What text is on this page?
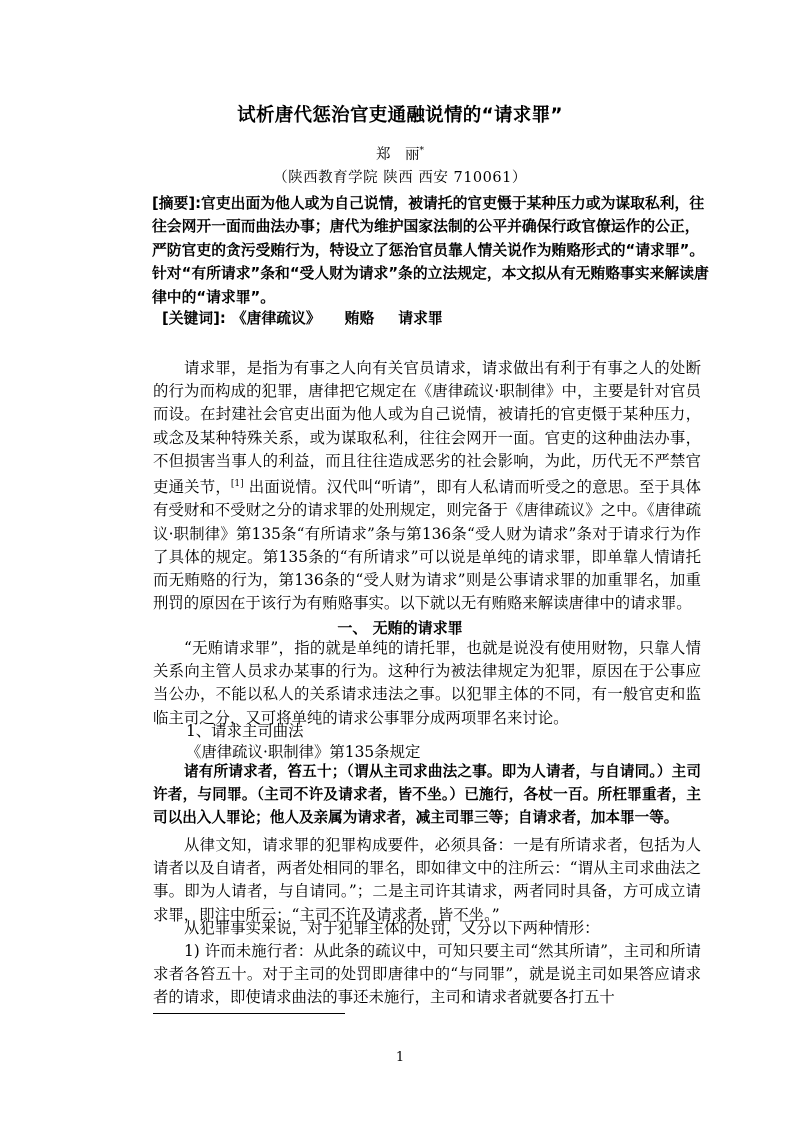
试析唐代惩治官吏通融说情的“请求罪”
郑　丽*
（陕西教育学院 陕西 西安 710061）
[摘要]:官吏出面为他人或为自己说情，被请托的官吏慑于某种压力或为谋取私利，往往会网开一面而曲法办事；唐代为维护国家法制的公平并确保行政官僚运作的公正，严防官吏的贪污受贿行为，特设立了惩治官员靠人情关说作为贿赂形式的“请求罪”。针对“有所请求”条和“受人财为请求”条的立法规定，本文拟从有无贿赂事实来解读唐律中的“请求罪”。
[关键词]: 《唐律疏议》 贿赂 请求罪
请求罪，是指为有事之人向有关官员请求，请求做出有利于有事之人的处断的行为而构成的犯罪，唐律把它规定在《唐律疏议·职制律》中，主要是针对官员而设。在封建社会官吏出面为他人或为自己说情，被请托的官吏慑于某种压力，或念及某种特殊关系，或为谋取私利，往往会网开一面。官吏的这种曲法办事，不但损害当事人的利益，而且往往造成恶劣的社会影响，为此，历代无不严禁官吏通关节，[1] 出面说情。汉代叫“听请”，即有人私请而听受之的意思。至于具体有受财和不受财之分的请求罪的处刑规定，则完备于《唐律疏议》之中。《唐律疏议·职制律》第135条“有所请求”条与第136条“受人财为请求”条对于请求行为作了具体的规定。第135条的“有所请求”可以说是单纯的请求罪，即单靠人情请托而无贿赂的行为，第136条的“受人财为请求”则是公事请求罪的加重罪名，加重刑罚的原因在于该行为有贿赂事实。以下就以无有贿赂来解读唐律中的请求罪。
一、 无贿的请求罪
“无贿请求罪”，指的就是单纯的请托罪，也就是说没有使用财物，只靠人情关系向主管人员求办某事的行为。这种行为被法律规定为犯罪，原因在于公事应当公办，不能以私人的关系请求违法之事。以犯罪主体的不同，有一般官吏和监临主司之分，又可将单纯的请求公事罪分成两项罪名来讨论。
1、请求主司曲法
《唐律疏议·职制律》第135条规定
诸有所请求者，笞五十；（谓从主司求曲法之事。即为人请者，与自请同。）主司许者，与同罪。（主司不许及请求者，皆不坐。）已施行，各杖一百。所枉罪重者，主司以出入人罪论；他人及亲属为请求者，减主司罪三等；自请求者，加本罪一等。
从律文知，请求罪的犯罪构成要件，必须具备：一是有所请求者，包括为人请者以及自请者，两者处相同的罪名，即如律文中的注所云：“谓从主司求曲法之事。即为人请者，与自请同。”；二是主司许其请求，两者同时具备，方可成立请求罪，即注中所云；“主司不许及请求者，皆不坐。”
从犯罪事实来说，对于犯罪主体的处罚，又分以下两种情形：
1) 许而未施行者：从此条的疏议中，可知只要主司“然其所请”，主司和所请求者各笞五十。对于主司的处罚即唐律中的“与同罪”，就是说主司如果答应请求者的请求，即使请求曲法的事还未施行，主司和请求者就要各打五十
1
